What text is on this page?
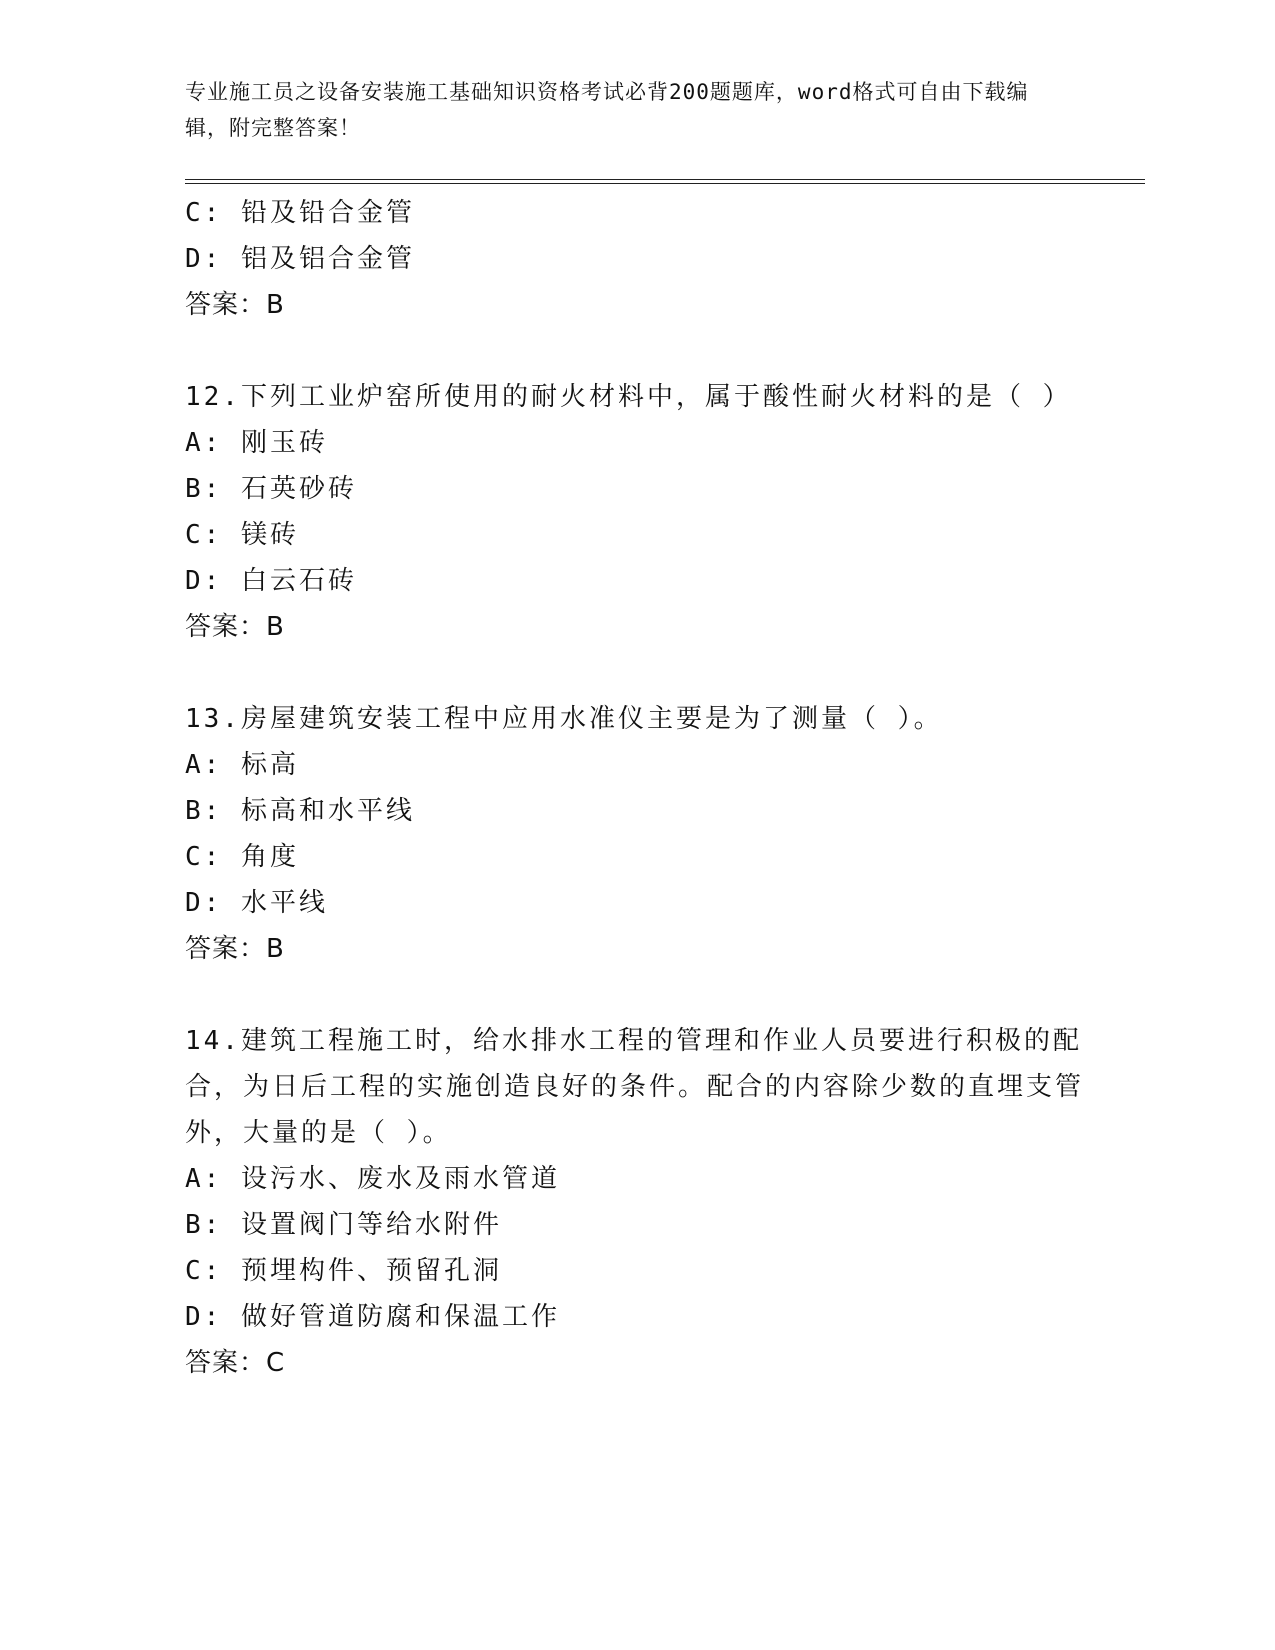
专业施工员之设备安装施工基础知识资格考试必背200题题库，word格式可自由下载编辑，附完整答案！
C: 铅及铅合金管
D: 铝及铝合金管
答案：B
12.下列工业炉窑所使用的耐火材料中，属于酸性耐火材料的是（ ）
A: 刚玉砖
B: 石英砂砖
C: 镁砖
D: 白云石砖
答案：B
13.房屋建筑安装工程中应用水准仪主要是为了测量（ ）。
A: 标高
B: 标高和水平线
C: 角度
D: 水平线
答案：B
14.建筑工程施工时，给水排水工程的管理和作业人员要进行积极的配合，为日后工程的实施创造良好的条件。配合的内容除少数的直埋支管外，大量的是（ ）。
A: 设污水、废水及雨水管道
B: 设置阀门等给水附件
C: 预埋构件、预留孔洞
D: 做好管道防腐和保温工作
答案：C
